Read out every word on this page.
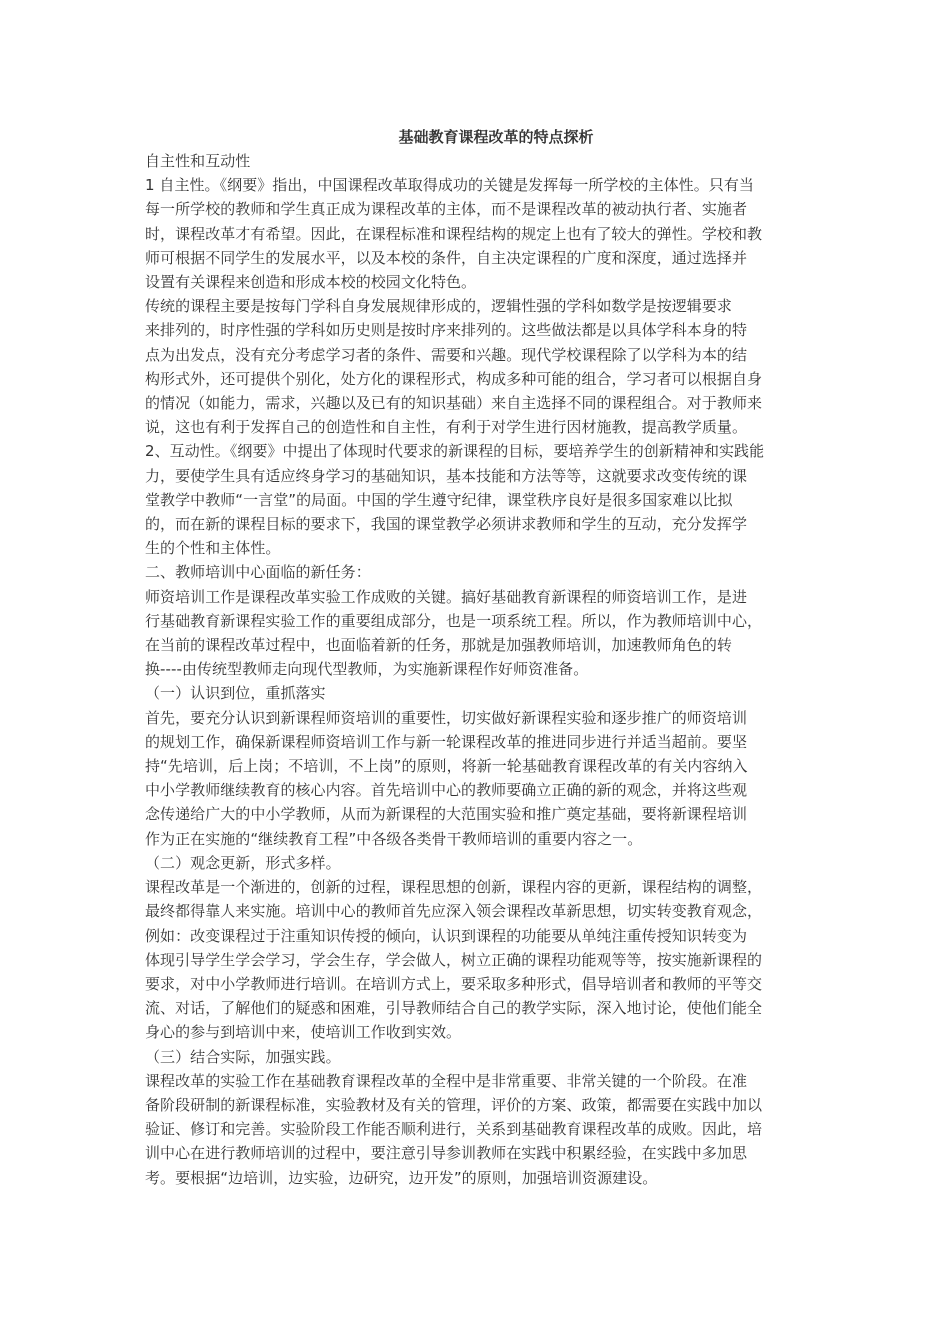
基础教育课程改革的特点探析

自主性和互动性

1 自主性。《纲要》指出，中国课程改革取得成功的关键是发挥每一所学校的主体性。只有当

每一所学校的教师和学生真正成为课程改革的主体，而不是课程改革的被动执行者、实施者

时，课程改革才有希望。因此，在课程标准和课程结构的规定上也有了较大的弹性。学校和教

师可根据不同学生的发展水平，以及本校的条件，自主决定课程的广度和深度，通过选择并

设置有关课程来创造和形成本校的校园文化特色。

传统的课程主要是按每门学科自身发展规律形成的，逻辑性强的学科如数学是按逻辑要求

来排列的，时序性强的学科如历史则是按时序来排列的。这些做法都是以具体学科本身的特

点为出发点，没有充分考虑学习者的条件、需要和兴趣。现代学校课程除了以学科为本的结

构形式外，还可提供个别化，处方化的课程形式，构成多种可能的组合，学习者可以根据自身

的情况（如能力，需求，兴趣以及已有的知识基础）来自主选择不同的课程组合。对于教师来

说，这也有利于发挥自己的创造性和自主性，有利于对学生进行因材施教，提高教学质量。

2、互动性。《纲要》中提出了体现时代要求的新课程的目标，要培养学生的创新精神和实践能

力，要使学生具有适应终身学习的基础知识，基本技能和方法等等，这就要求改变传统的课

堂教学中教师“一言堂”的局面。中国的学生遵守纪律，课堂秩序良好是很多国家难以比拟

的，而在新的课程目标的要求下，我国的课堂教学必须讲求教师和学生的互动，充分发挥学

生的个性和主体性。

二、教师培训中心面临的新任务：

师资培训工作是课程改革实验工作成败的关键。搞好基础教育新课程的师资培训工作，是进

行基础教育新课程实验工作的重要组成部分，也是一项系统工程。所以，作为教师培训中心，

在当前的课程改革过程中，也面临着新的任务，那就是加强教师培训，加速教师角色的转

换----由传统型教师走向现代型教师，为实施新课程作好师资准备。

（一）认识到位，重抓落实

首先，要充分认识到新课程师资培训的重要性，切实做好新课程实验和逐步推广的师资培训

的规划工作，确保新课程师资培训工作与新一轮课程改革的推进同步进行并适当超前。要坚

持“先培训，后上岗；不培训，不上岗”的原则，将新一轮基础教育课程改革的有关内容纳入

中小学教师继续教育的核心内容。首先培训中心的教师要确立正确的新的观念，并将这些观

念传递给广大的中小学教师，从而为新课程的大范围实验和推广奠定基础，要将新课程培训

作为正在实施的“继续教育工程”中各级各类骨干教师培训的重要内容之一。

（二）观念更新，形式多样。

课程改革是一个渐进的，创新的过程，课程思想的创新，课程内容的更新，课程结构的调整，

最终都得靠人来实施。培训中心的教师首先应深入领会课程改革新思想，切实转变教育观念，

例如：改变课程过于注重知识传授的倾向，认识到课程的功能要从单纯注重传授知识转变为

体现引导学生学会学习，学会生存，学会做人，树立正确的课程功能观等等，按实施新课程的

要求，对中小学教师进行培训。在培训方式上，要采取多种形式，倡导培训者和教师的平等交

流、对话，了解他们的疑惑和困难，引导教师结合自己的教学实际，深入地讨论，使他们能全

身心的参与到培训中来，使培训工作收到实效。

（三）结合实际，加强实践。

课程改革的实验工作在基础教育课程改革的全程中是非常重要、非常关键的一个阶段。在准

备阶段研制的新课程标准，实验教材及有关的管理，评价的方案、政策，都需要在实践中加以

验证、修订和完善。实验阶段工作能否顺利进行，关系到基础教育课程改革的成败。因此，培

训中心在进行教师培训的过程中，要注意引导参训教师在实践中积累经验，在实践中多加思

考。要根据“边培训，边实验，边研究，边开发”的原则，加强培训资源建设。
